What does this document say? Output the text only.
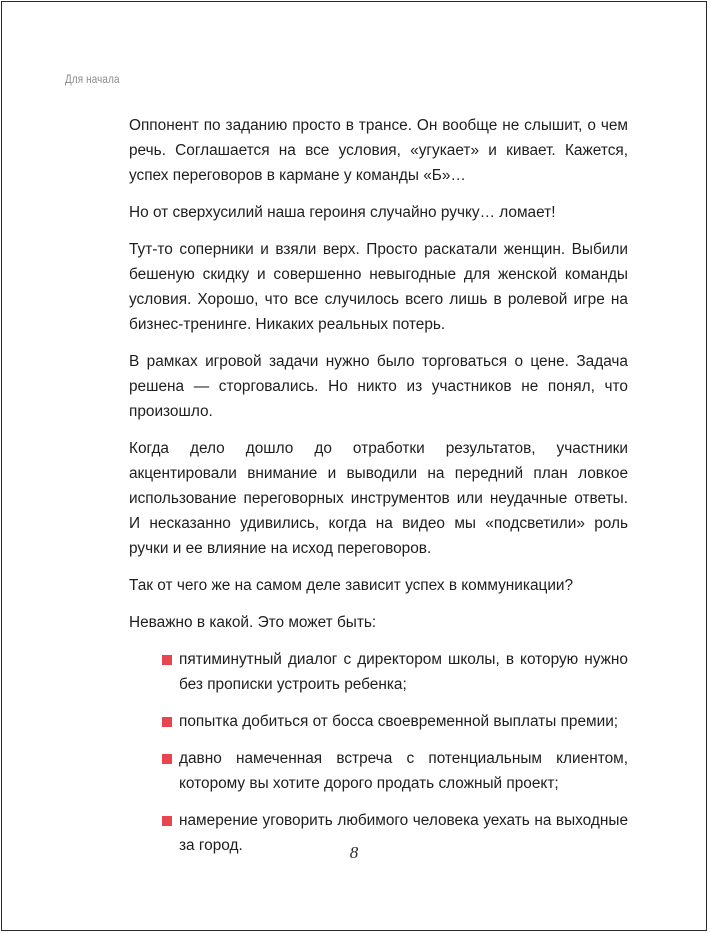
Для начала

Оппонент по заданию просто в трансе. Он вообще не слышит, о чем речь. Соглашается на все условия, «угукает» и кивает. Кажется, успех переговоров в кармане у команды «Б»…

Но от сверхусилий наша героиня случайно ручку… ломает!

Тут-то соперники и взяли верх. Просто раскатали женщин. Выбили бешеную скидку и совершенно невыгодные для женской команды условия. Хорошо, что все случилось всего лишь в ролевой игре на бизнес-тренинге. Никаких реальных потерь.

В рамках игровой задачи нужно было торговаться о цене. Задача решена — сторговались. Но никто из участников не понял, что произошло.

Когда дело дошло до отработки результатов, участники акцентировали внимание и выводили на передний план ловкое использование переговорных инструментов или неудачные ответы. И несказанно удивились, когда на видео мы «подсветили» роль ручки и ее влияние на исход переговоров.

Так от чего же на самом деле зависит успех в коммуникации?

Неважно в какой. Это может быть:

пятиминутный диалог с директором школы, в которую нужно без прописки устроить ребенка;
попытка добиться от босса своевременной выплаты премии;
давно намеченная встреча с потенциальным клиентом, которому вы хотите дорого продать сложный проект;
намерение уговорить любимого человека уехать на выходные за город.	8
